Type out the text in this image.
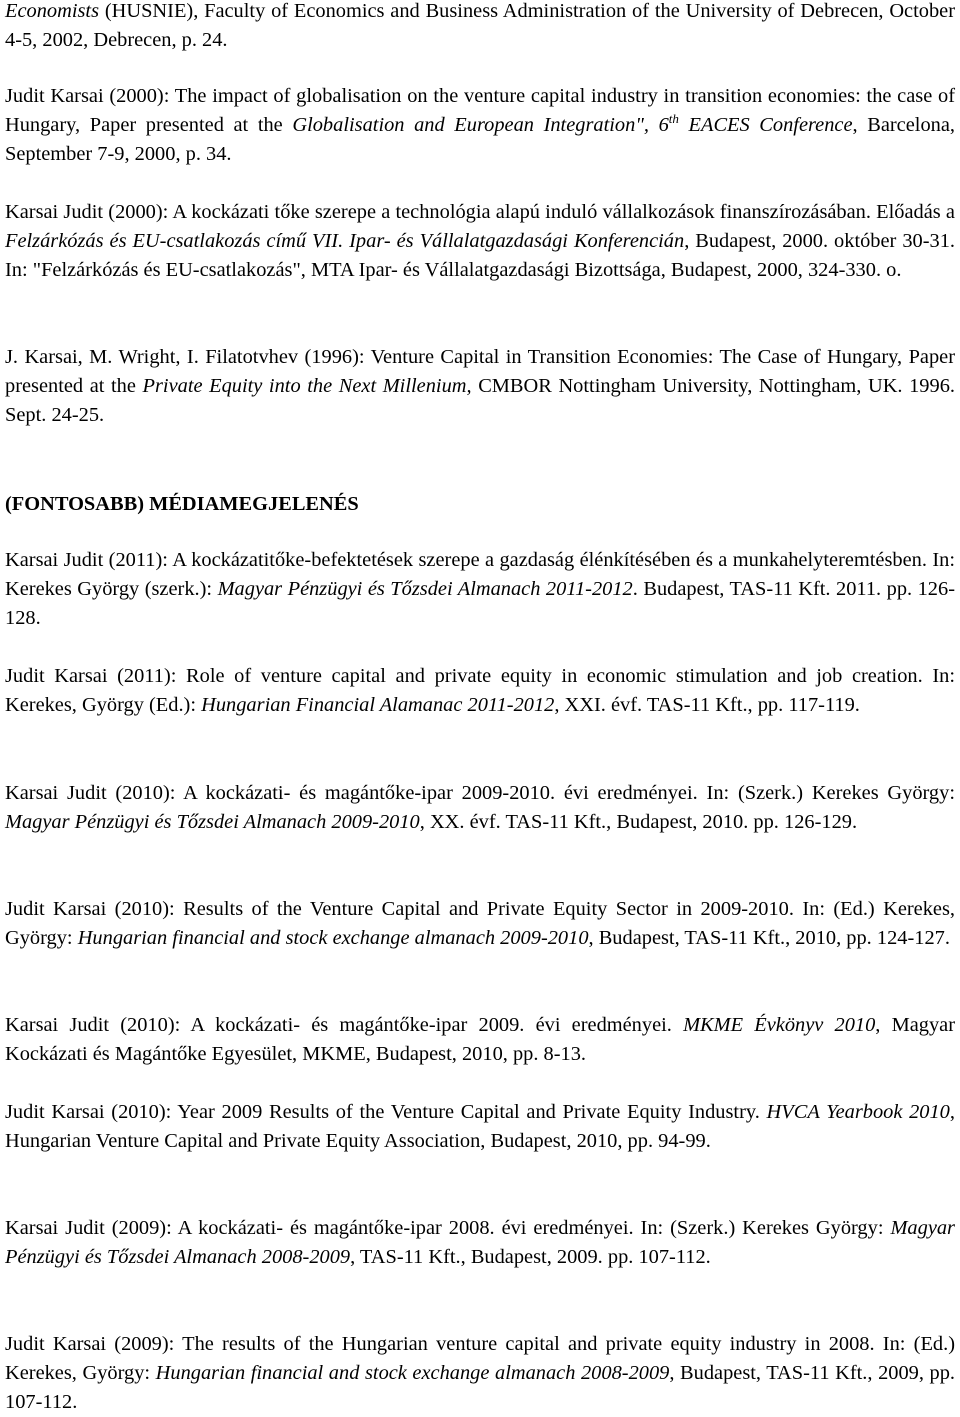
Economists (HUSNIE), Faculty of Economics and Business Administration of the University of Debrecen, October 4-5, 2002, Debrecen, p. 24.

Judit Karsai (2000): The impact of globalisation on the venture capital industry in transition economies: the case of Hungary, Paper presented at the Globalisation and European Integration", 6th EACES Conference, Barcelona, September 7-9, 2000, p. 34.

Karsai Judit (2000): A kockázati tőke szerepe a technológia alapú induló vállalkozások finanszírozásában. Előadás a Felzárkózás és EU-csatlakozás című VII. Ipar- és Vállalatgazdasági Konferencián, Budapest, 2000. október 30-31. In: "Felzárkózás és EU-csatlakozás", MTA Ipar- és Vállalatgazdasági Bizottsága, Budapest, 2000, 324-330. o.

J. Karsai, M. Wright, I. Filatotvhev (1996): Venture Capital in Transition Economies: The Case of Hungary, Paper presented at the Private Equity into the Next Millenium, CMBOR Nottingham University, Nottingham, UK. 1996. Sept. 24-25.

(FONTOSABB) MÉDIAMEGJELENÉS

Karsai Judit (2011): A kockázatitőke-befektetések szerepe a gazdaság élénkítésében és a munkahelyteremtésben. In: Kerekes György (szerk.): Magyar Pénzügyi és Tőzsdei Almanach 2011-2012. Budapest, TAS-11 Kft. 2011. pp. 126-128.

Judit Karsai (2011): Role of venture capital and private equity in economic stimulation and job creation. In: Kerekes, György (Ed.): Hungarian Financial Alamanac 2011-2012, XXI. évf. TAS-11 Kft., pp. 117-119.

Karsai Judit (2010): A kockázati- és magántőke-ipar 2009-2010. évi eredményei. In: (Szerk.) Kerekes György: Magyar Pénzügyi és Tőzsdei Almanach 2009-2010, XX. évf. TAS-11 Kft., Budapest, 2010. pp. 126-129.

Judit Karsai (2010): Results of the Venture Capital and Private Equity Sector in 2009-2010. In: (Ed.) Kerekes, György: Hungarian financial and stock exchange almanach 2009-2010, Budapest, TAS-11 Kft., 2010, pp. 124-127.

Karsai Judit (2010): A kockázati- és magántőke-ipar 2009. évi eredményei. MKME Évkönyv 2010, Magyar Kockázati és Magántőke Egyesület, MKME, Budapest, 2010, pp. 8-13.

Judit Karsai (2010): Year 2009 Results of the Venture Capital and Private Equity Industry. HVCA Yearbook 2010, Hungarian Venture Capital and Private Equity Association, Budapest, 2010, pp. 94-99.

Karsai Judit (2009): A kockázati- és magántőke-ipar 2008. évi eredményei. In: (Szerk.) Kerekes György: Magyar Pénzügyi és Tőzsdei Almanach 2008-2009, TAS-11 Kft., Budapest, 2009. pp. 107-112.

Judit Karsai (2009): The results of the Hungarian venture capital and private equity industry in 2008. In: (Ed.) Kerekes, György: Hungarian financial and stock exchange almanach 2008-2009, Budapest, TAS-11 Kft., 2009, pp. 107-112.
